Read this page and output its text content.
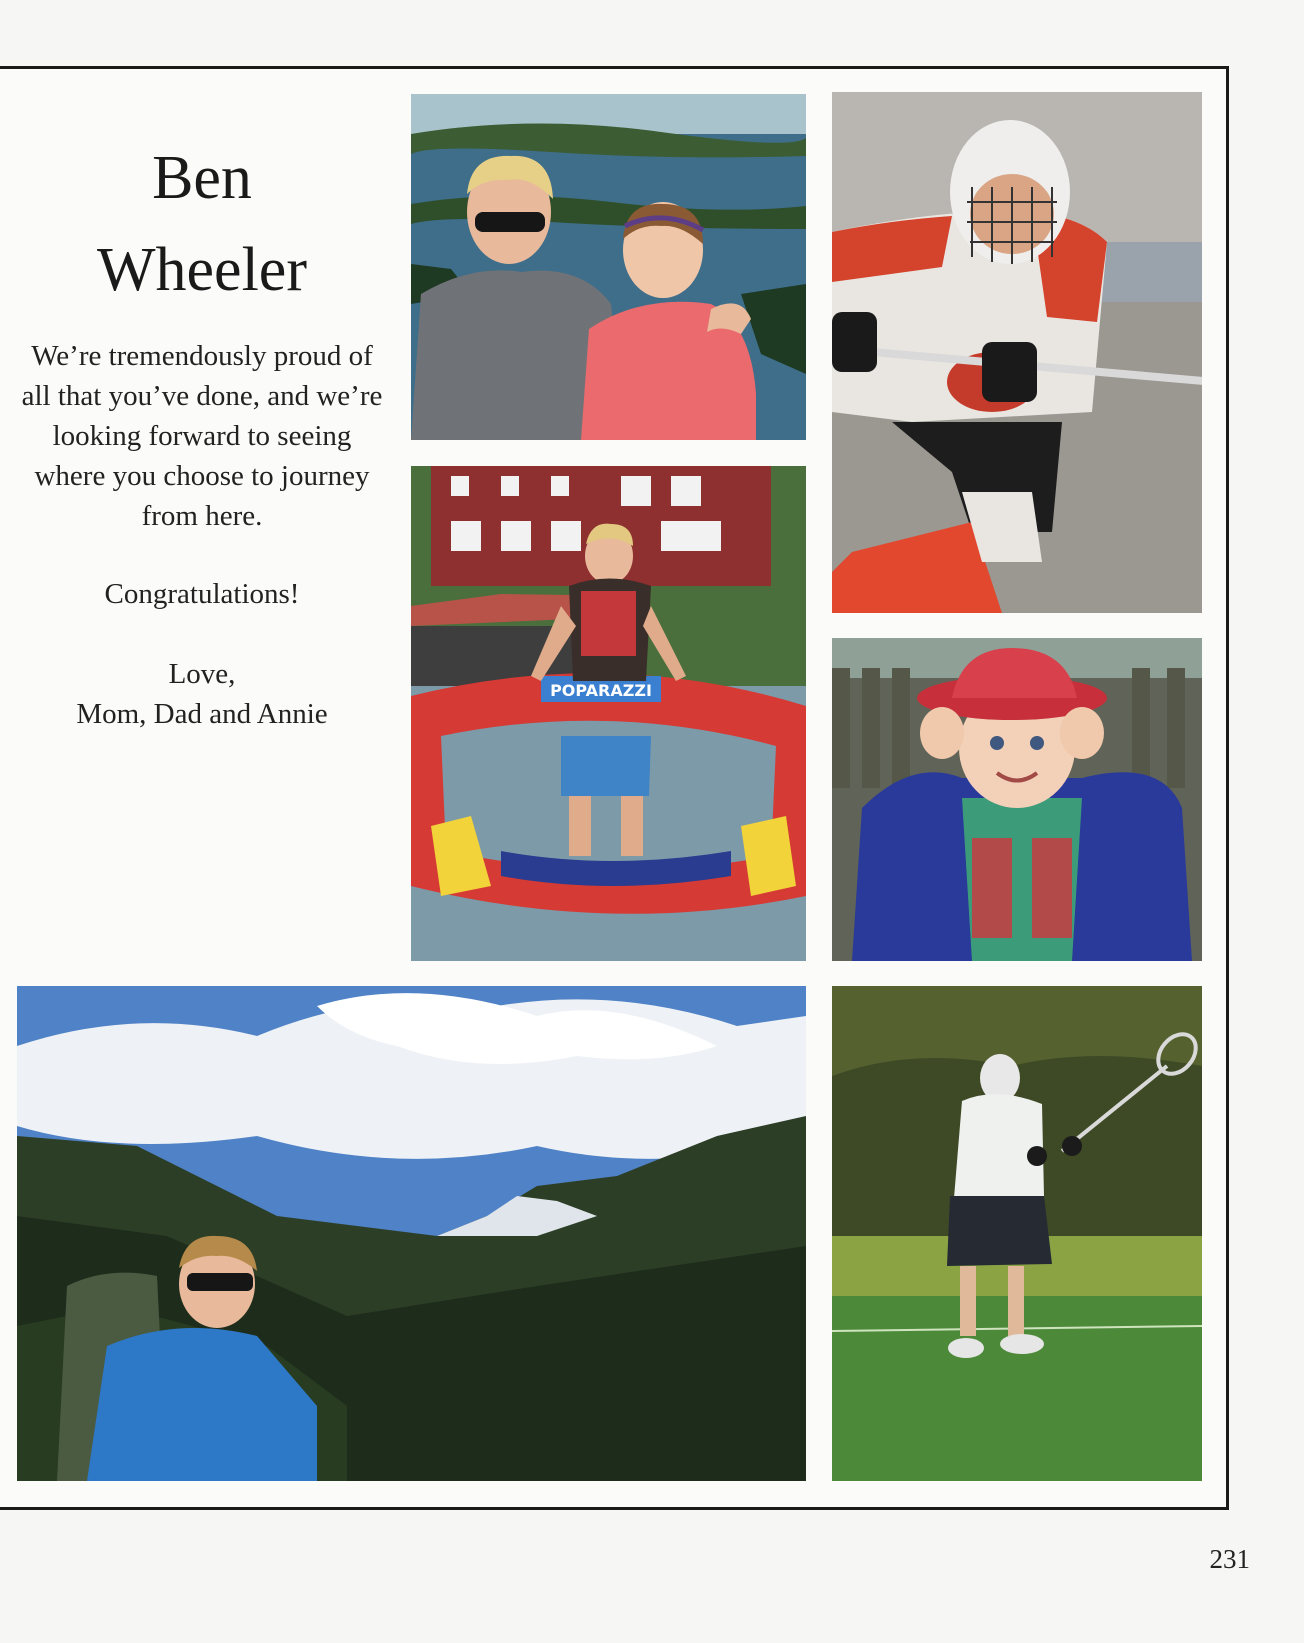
Ben
Wheeler

We’re tremendously proud of all that you’ve done, and we’re looking forward to seeing where you choose to journey from here.

Congratulations!

Love,
Mom, Dad and Annie

POPARAZZI
231
